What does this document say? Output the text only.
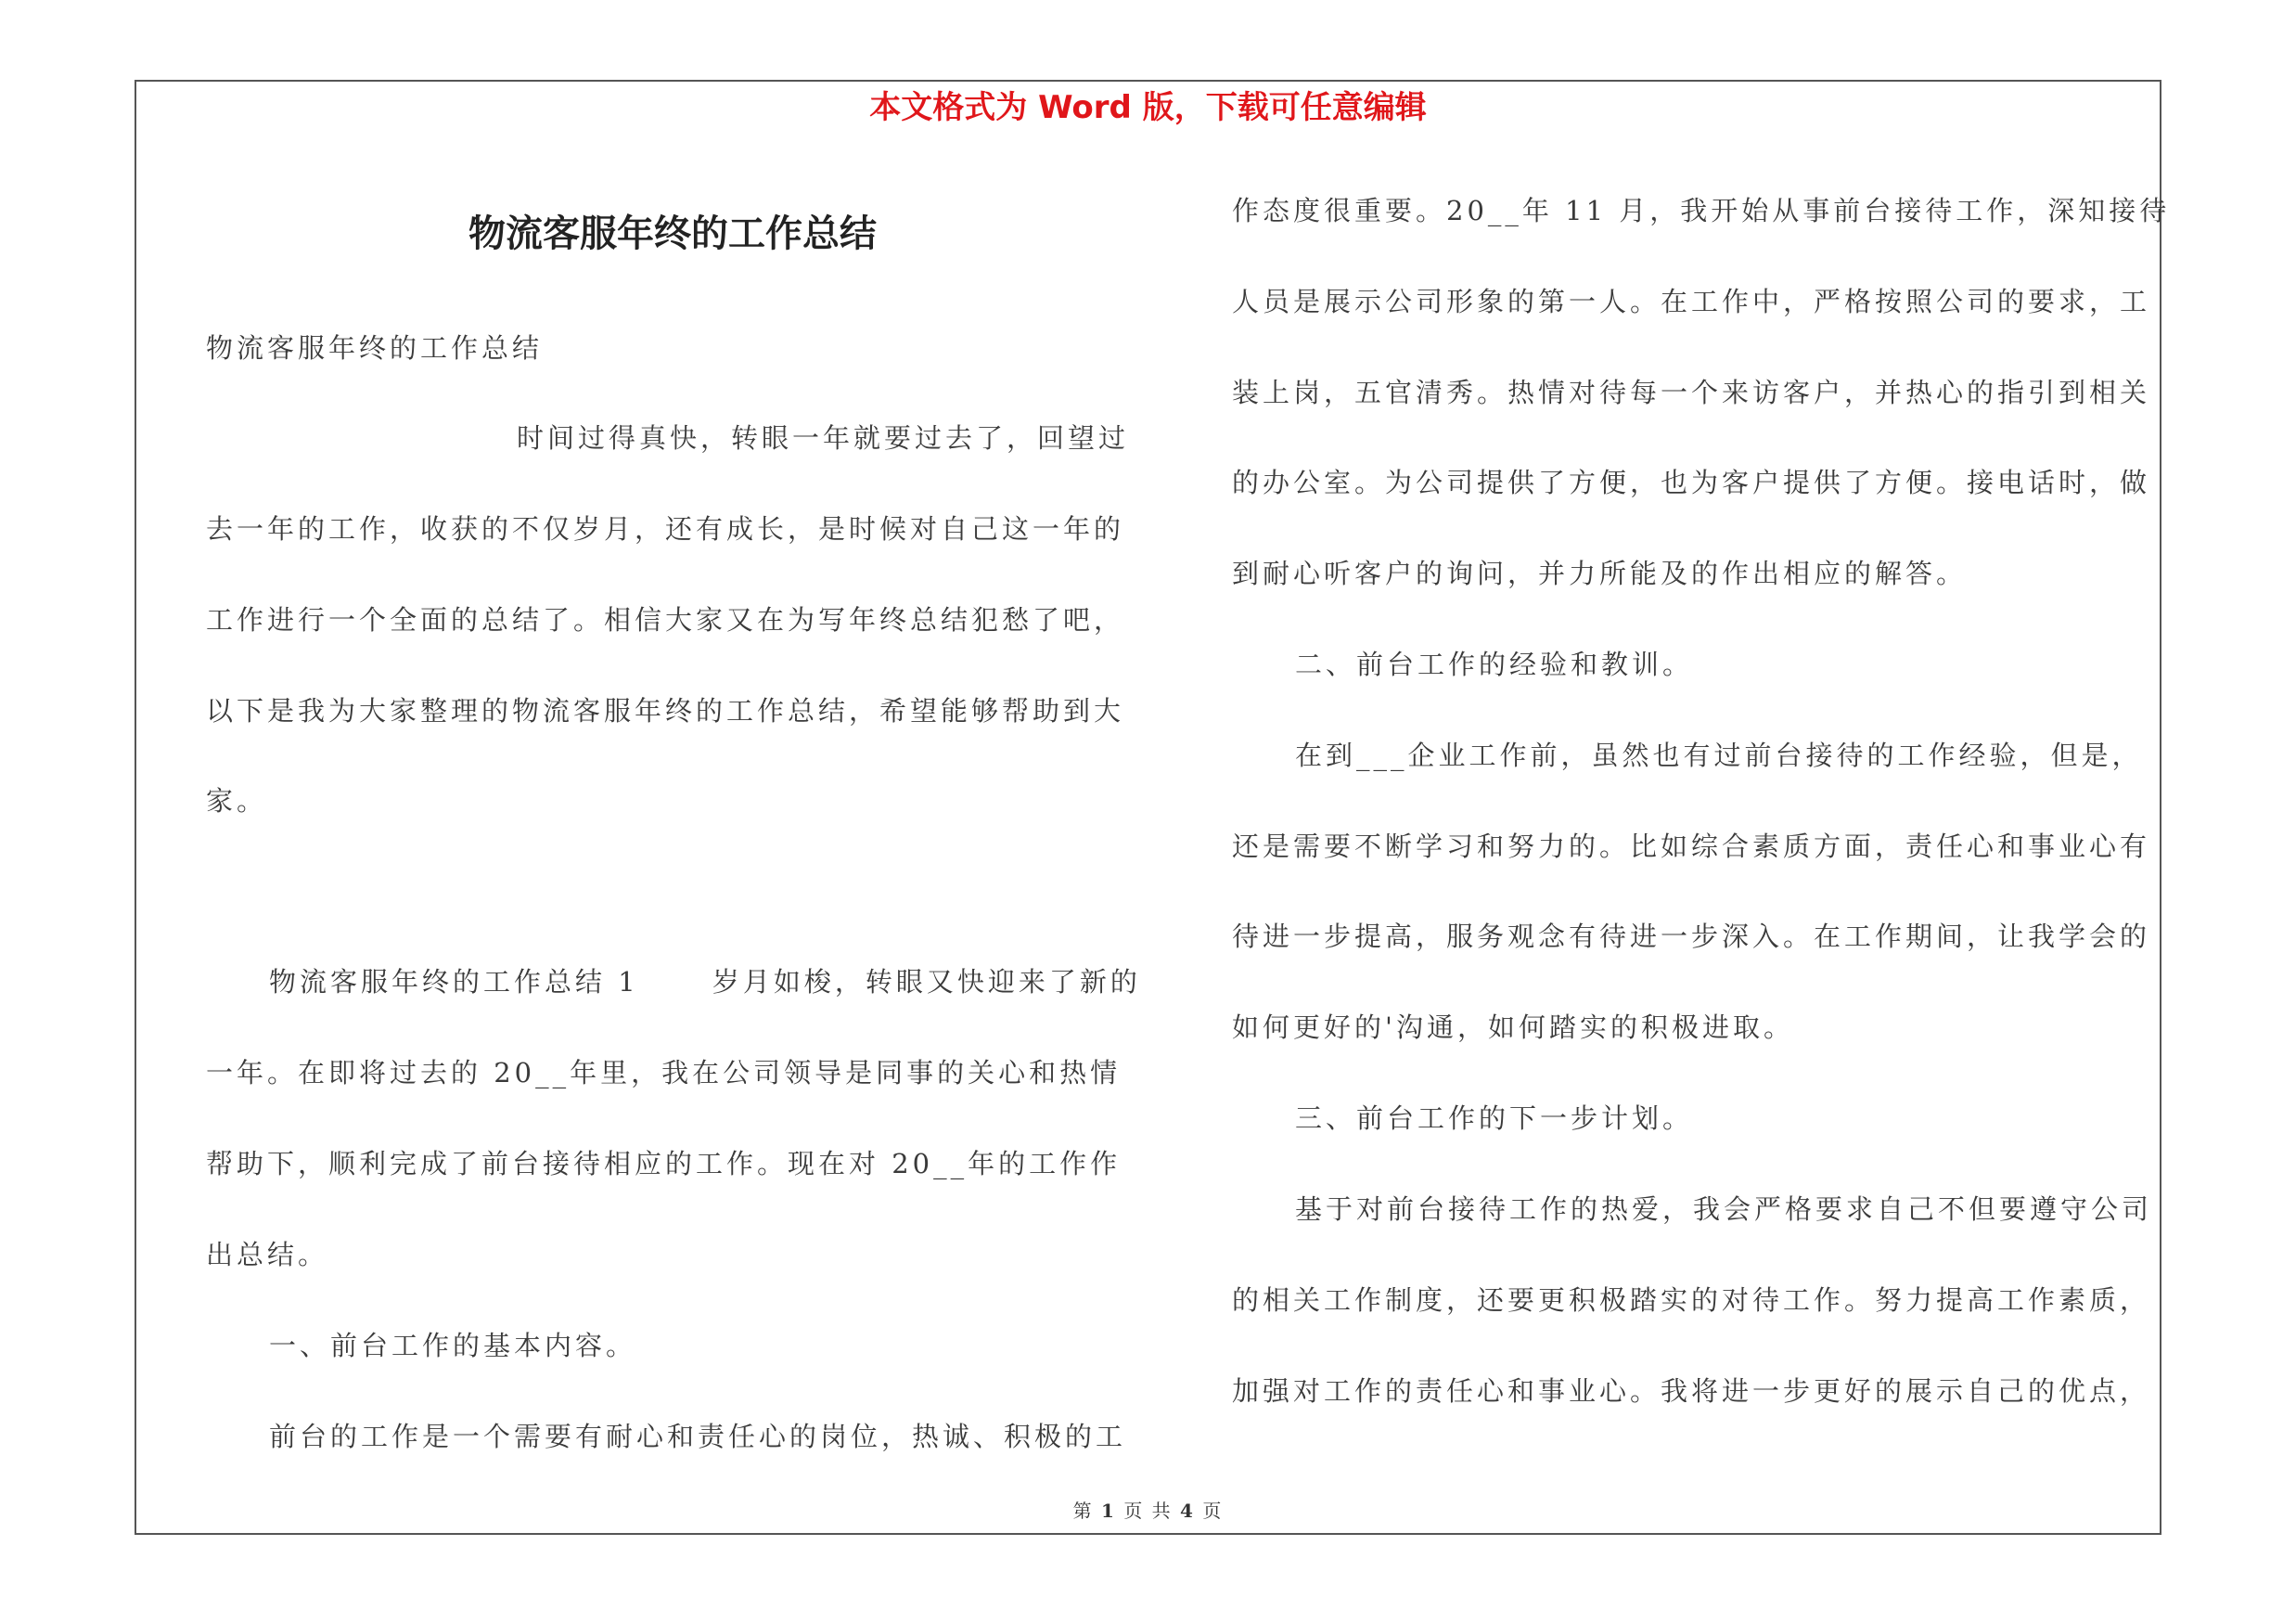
本文格式为 Word 版，下载可任意编辑
物流客服年终的工作总结

物流客服年终的工作总结

时间过得真快，转眼一年就要过去了，回望过

去一年的工作，收获的不仅岁月，还有成长，是时候对自己这一年的

工作进行一个全面的总结了。相信大家又在为写年终总结犯愁了吧，

以下是我为大家整理的物流客服年终的工作总结，希望能够帮助到大

家。

物流客服年终的工作总结 1 　　岁月如梭，转眼又快迎来了新的

一年。在即将过去的 20__年里，我在公司领导是同事的关心和热情

帮助下，顺利完成了前台接待相应的工作。现在对 20__年的工作作

出总结。

一、前台工作的基本内容。

前台的工作是一个需要有耐心和责任心的岗位，热诚、积极的工

作态度很重要。20__年 11 月，我开始从事前台接待工作，深知接待

人员是展示公司形象的第一人。在工作中，严格按照公司的要求，工

装上岗，五官清秀。热情对待每一个来访客户，并热心的指引到相关

的办公室。为公司提供了方便，也为客户提供了方便。接电话时，做

到耐心听客户的询问，并力所能及的作出相应的解答。

二、前台工作的经验和教训。

在到___企业工作前，虽然也有过前台接待的工作经验，但是，

还是需要不断学习和努力的。比如综合素质方面，责任心和事业心有

待进一步提高，服务观念有待进一步深入。在工作期间，让我学会的

如何更好的'沟通，如何踏实的积极进取。

三、前台工作的下一步计划。

基于对前台接待工作的热爱，我会严格要求自己不但要遵守公司

的相关工作制度，还要更积极踏实的对待工作。努力提高工作素质，

加强对工作的责任心和事业心。我将进一步更好的展示自己的优点，

第 1 页 共 4 页
